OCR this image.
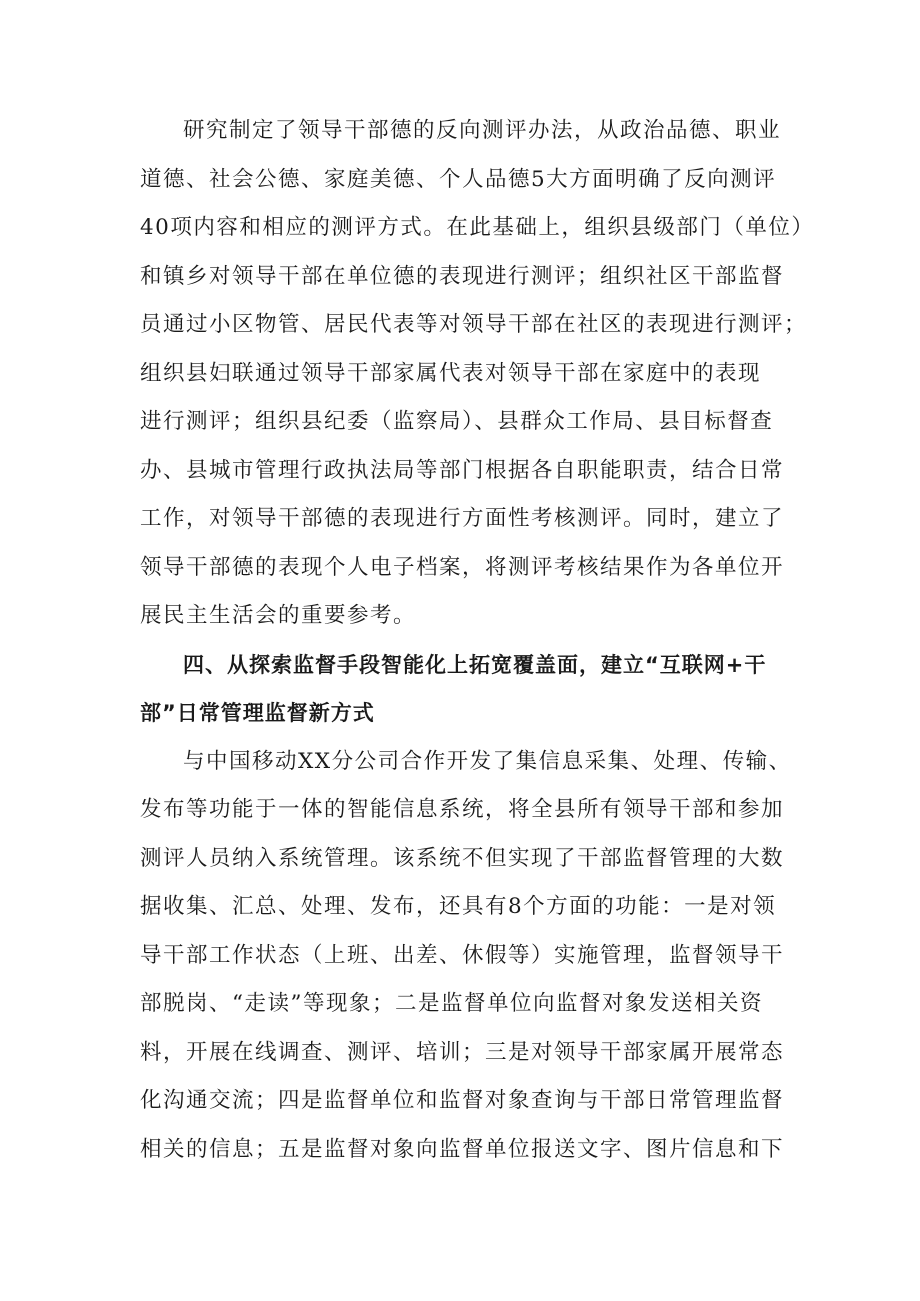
研究制定了领导干部德的反向测评办法，从政治品德、职业
道德、社会公德、家庭美德、个人品德5大方面明确了反向测评
40项内容和相应的测评方式。在此基础上，组织县级部门（单位）
和镇乡对领导干部在单位德的表现进行测评；组织社区干部监督
员通过小区物管、居民代表等对领导干部在社区的表现进行测评；
组织县妇联通过领导干部家属代表对领导干部在家庭中的表现
进行测评；组织县纪委（监察局）、县群众工作局、县目标督查
办、县城市管理行政执法局等部门根据各自职能职责，结合日常
工作，对领导干部德的表现进行方面性考核测评。同时，建立了
领导干部德的表现个人电子档案，将测评考核结果作为各单位开
展民主生活会的重要参考。
四、从探索监督手段智能化上拓宽覆盖面，建立“互联网+干
部”日常管理监督新方式
与中国移动XX分公司合作开发了集信息采集、处理、传输、
发布等功能于一体的智能信息系统，将全县所有领导干部和参加
测评人员纳入系统管理。该系统不但实现了干部监督管理的大数
据收集、汇总、处理、发布，还具有8个方面的功能：一是对领
导干部工作状态（上班、出差、休假等）实施管理，监督领导干
部脱岗、“走读”等现象；二是监督单位向监督对象发送相关资
料，开展在线调查、测评、培训；三是对领导干部家属开展常态
化沟通交流；四是监督单位和监督对象查询与干部日常管理监督
相关的信息；五是监督对象向监督单位报送文字、图片信息和下
